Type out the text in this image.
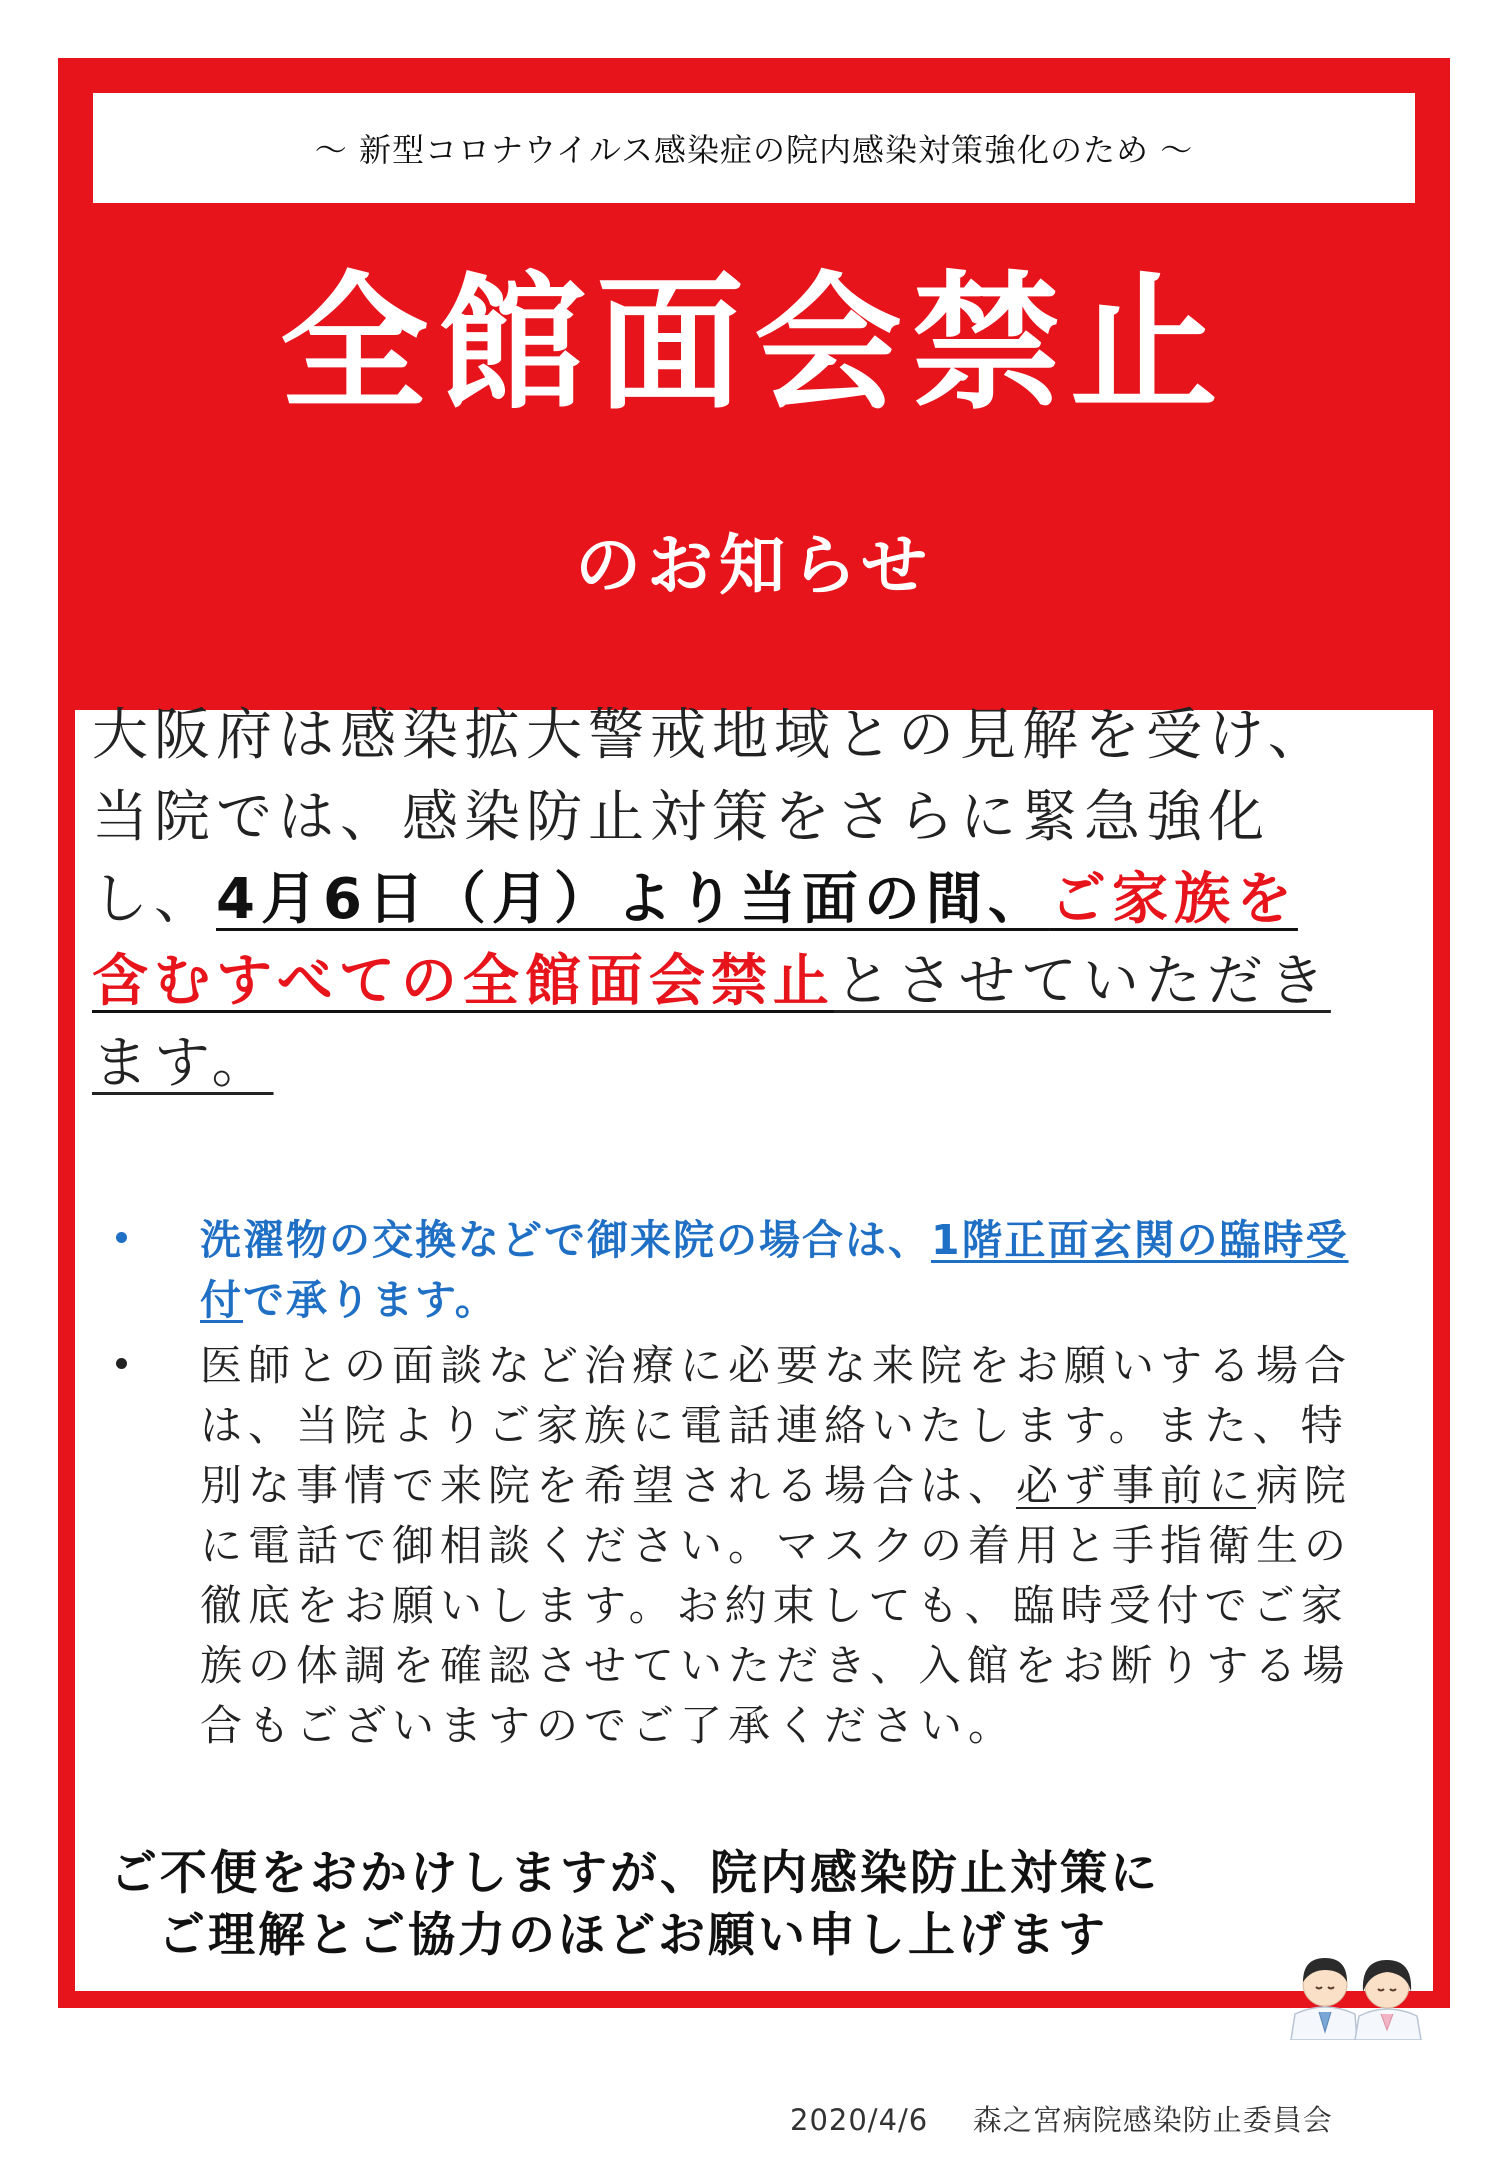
～ 新型コロナウイルス感染症の院内感染対策強化のため ～
全館面会禁止
のお知らせ
大阪府は感染拡大警戒地域との見解を受け、当院では、感染防止対策をさらに緊急強化し、4月6日（月）より当面の間、ご家族を含むすべての全館面会禁止とさせていただきます。
洗濯物の交換などで御来院の場合は、1階正面玄関の臨時受付で承ります。
医師との面談など治療に必要な来院をお願いする場合は、当院よりご家族に電話連絡いたします。また、特別な事情で来院を希望される場合は、必ず事前に病院に電話で御相談ください。マスクの着用と手指衛生の徹底をお願いします。お約束しても、臨時受付でご家族の体調を確認させていただき、入館をお断りする場合もございますのでご了承ください。
ご不便をおかけしますが、院内感染防止対策に
ご理解とご協力のほどお願い申し上げます
2020/4/6 森之宮病院感染防止委員会
